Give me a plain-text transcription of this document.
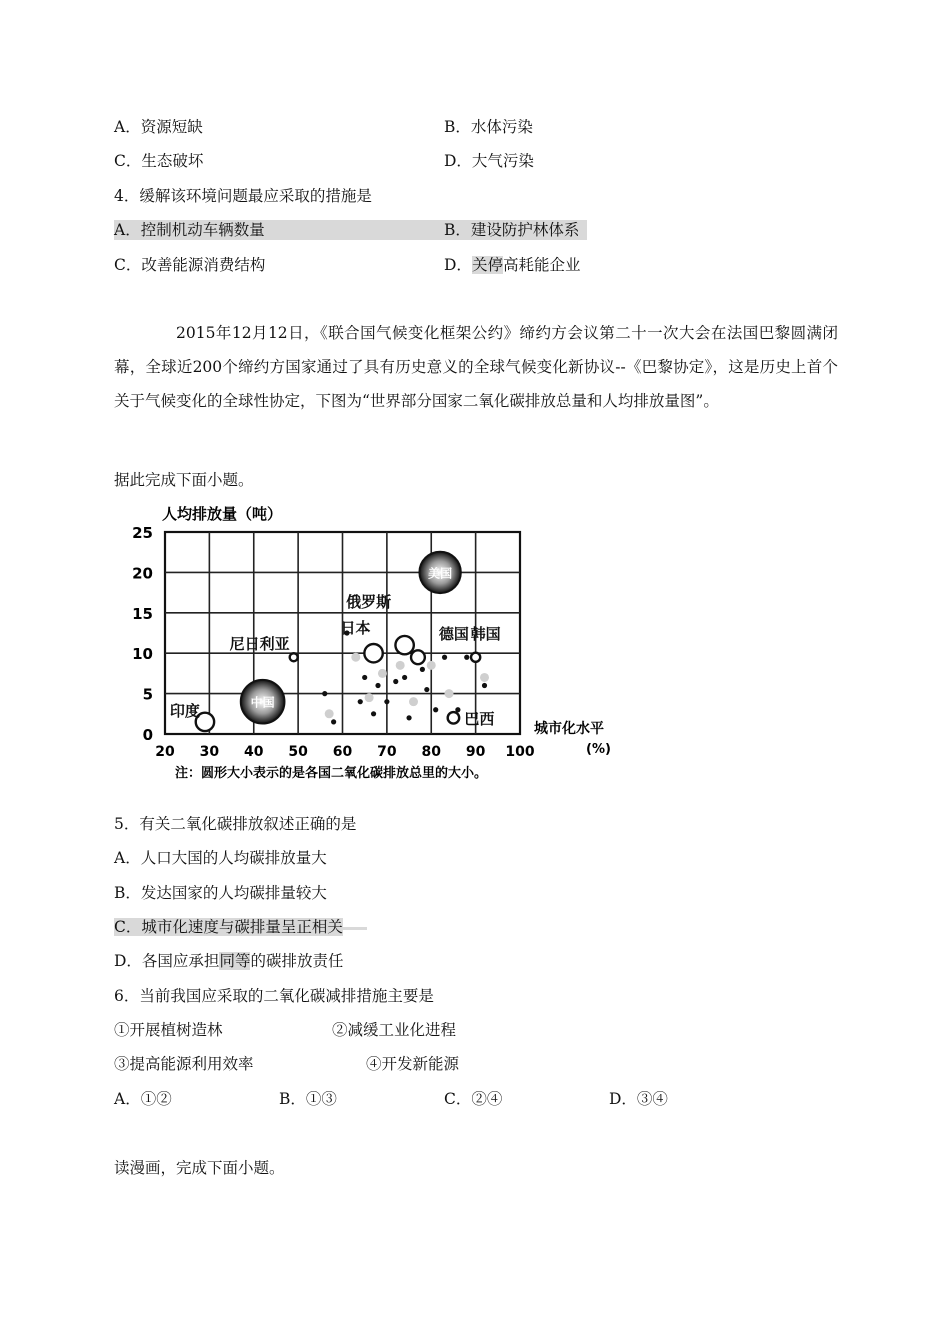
A．资源短缺	B．水体污染
C．生态破坏	D．大气污染
4．缓解该环境问题最应采取的措施是
A．控制机动车辆数量	B．建设防护林体系
C．改善能源消费结构	D．关停高耗能企业
2015年12月12日，《联合国气候变化框架公约》缔约方会议第二十一次大会在法国巴黎圆满闭幕，全球近200个缔约方国家通过了具有历史意义的全球气候变化新协议--《巴黎协定》，这是历史上首个关于气候变化的全球性协定，下图为“世界部分国家二氧化碳排放总量和人均排放量图”。
据此完成下面小题。
人均排放量（吨）
0
5
10
15
20
25
20 30 40 50 60 70 80 90 100
美国
中国
印度
日本
俄罗斯
德国 韩国
尼日利亚
巴西
城市化水平
(%)
注：圆形大小表示的是各国二氧化碳排放总里的大小。
5．有关二氧化碳排放叙述正确的是
A．人口大国的人均碳排放量大
B．发达国家的人均碳排量较大
C．城市化速度与碳排量呈正相关
D．各国应承担同等的碳排放责任
6．当前我国应采取的二氧化碳减排措施主要是
①开展植树造林	②减缓工业化进程
③提高能源利用效率	④开发新能源
A．①②	B．①③	C．②④	D．③④
读漫画，完成下面小题。
